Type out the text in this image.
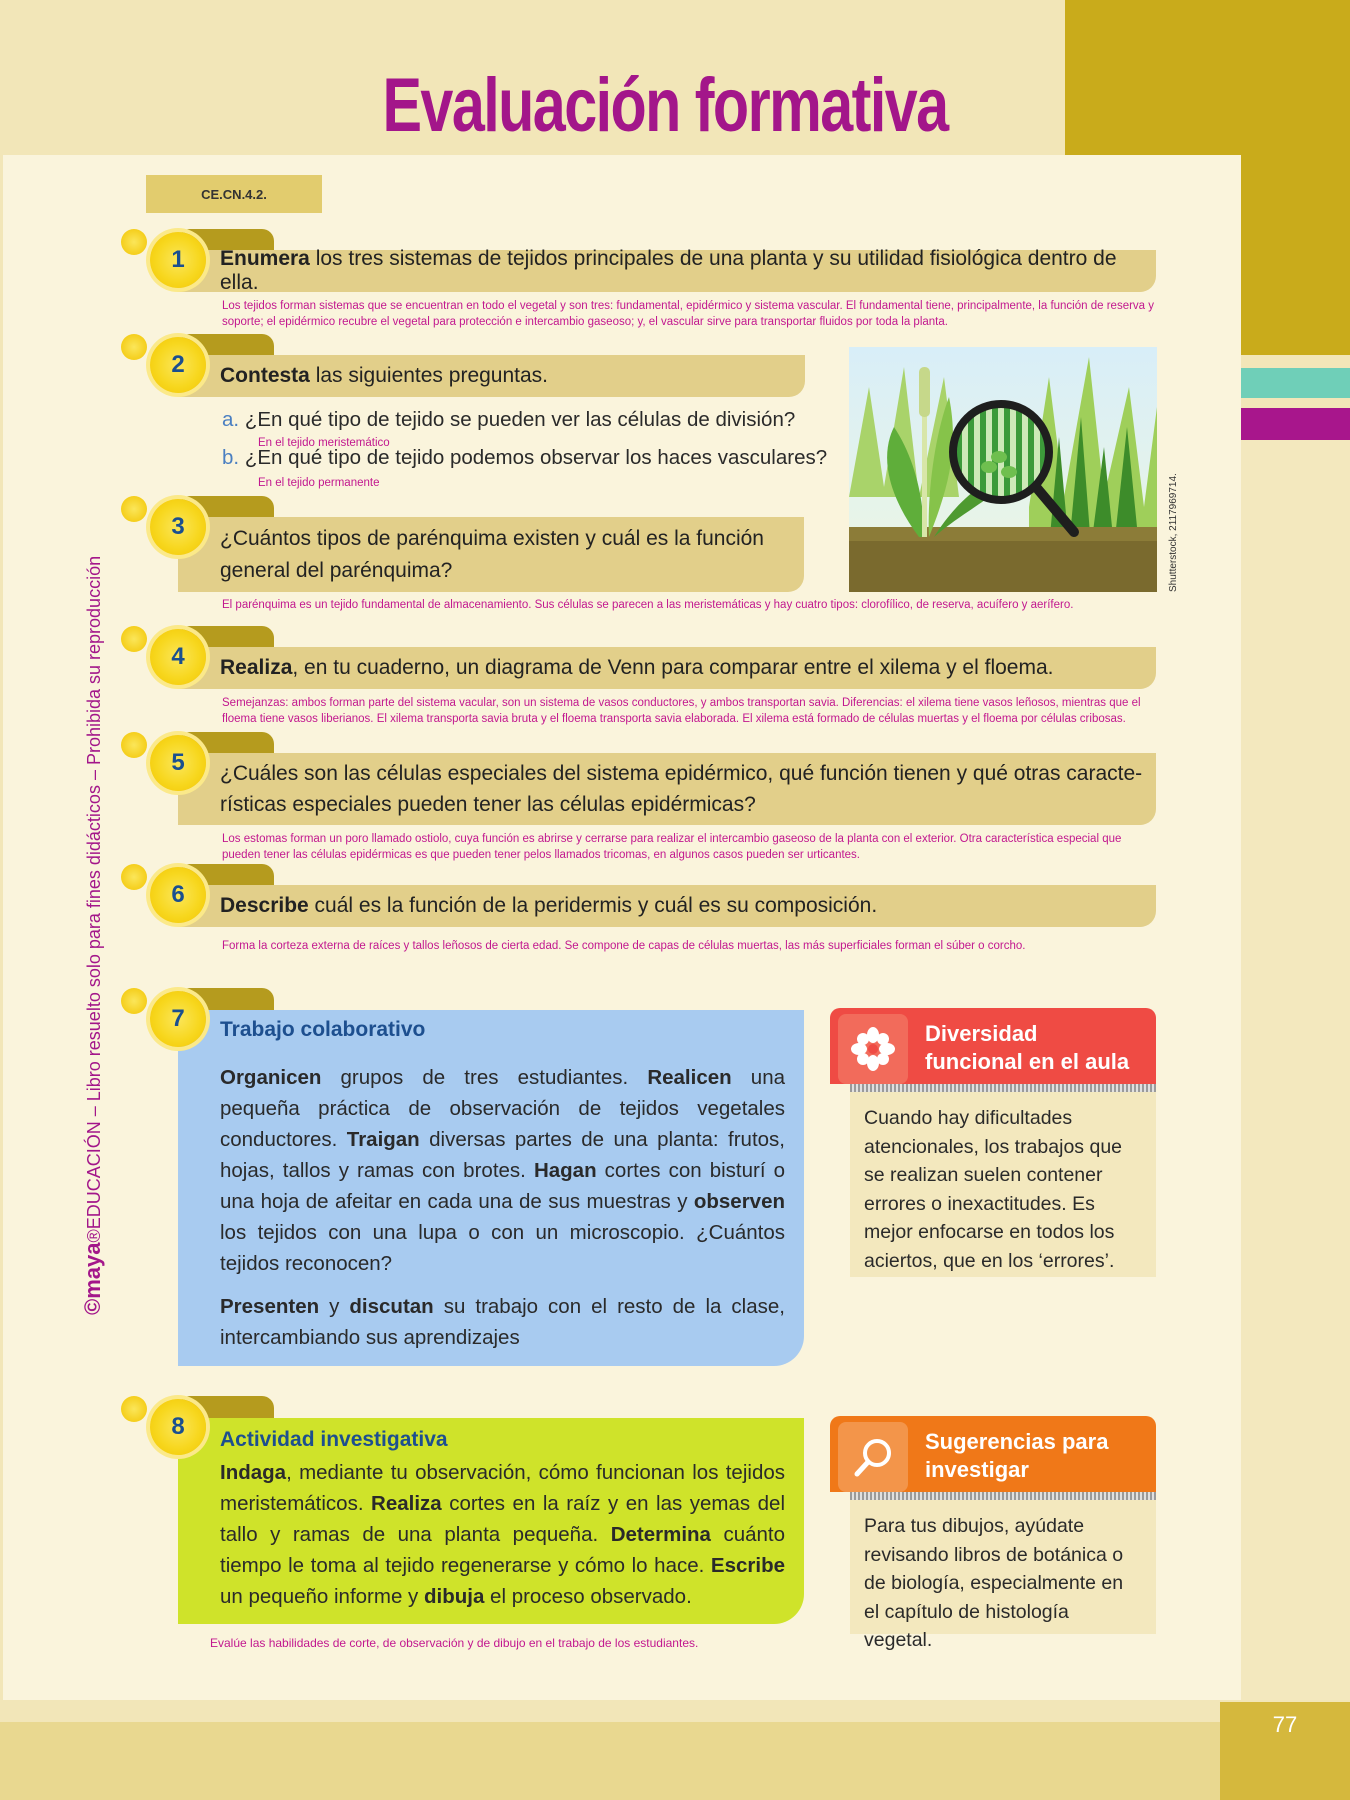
77
Evaluación formativa
CE.CN.4.2.
©maya®EDUCACIÓN – Libro resuelto solo para fines didácticos – Prohibida su reproducción
Enumera los tres sistemas de tejidos principales de una planta y su utilidad fisiológica dentro de ella.
1
Los tejidos forman sistemas que se encuentran en todo el vegetal y son tres: fundamental, epidérmico y sistema vascular. El fundamental tiene, principalmente, la función de reserva y soporte; el epidérmico recubre el vegetal para protección e intercambio gaseoso; y, el vascular sirve para transportar fluidos por toda la planta.
Contesta las siguientes preguntas.
2
a. ¿En qué tipo de tejido se pueden ver las células de división?
En el tejido meristemático
b. ¿En qué tipo de tejido podemos observar los haces vasculares?
En el tejido permanente	Shutterstock, 2117969714.
¿Cuántos tipos de parénquima existen y cuál es la función
general del parénquima?
3
El parénquima es un tejido fundamental de almacenamiento. Sus células se parecen a las meristemáticas y hay cuatro tipos: clorofílico, de reserva, acuífero y aerífero.
Realiza, en tu cuaderno, un diagrama de Venn para comparar entre el xilema y el floema.
4
Semejanzas: ambos forman parte del sistema vacular, son un sistema de vasos conductores, y ambos transportan savia. Diferencias: el xilema tiene vasos leñosos, mientras que el floema tiene vasos liberianos. El xilema transporta savia bruta y el floema transporta savia elaborada. El xilema está formado de células muertas y el floema por células cribosas.
¿Cuáles son las células especiales del sistema epidérmico, qué función tienen y qué otras caracte-
rísticas especiales pueden tener las células epidérmicas?
5
Los estomas forman un poro llamado ostiolo, cuya función es abrirse y cerrarse para realizar el intercambio gaseoso de la planta con el exterior. Otra característica especial que pueden tener las células epidérmicas es que pueden tener pelos llamados tricomas, en algunos casos pueden ser urticantes.
Describe cuál es la función de la peridermis y cuál es su composición.
6
Forma la corteza externa de raíces y tallos leñosos de cierta edad. Se compone de capas de células muertas, las más superficiales forman el súber o corcho.
7	Trabajo colaborativo

Organicen grupos de tres estudiantes. Realicen una pequeña práctica de observación de tejidos vegetales conductores. Traigan diversas partes de una planta: frutos, hojas, tallos y ramas con brotes. Hagan cortes con bisturí o una hoja de afeitar en cada una de sus muestras y observen los tejidos con una lupa o con un microscopio. ¿Cuántos tejidos reconocen?

Presenten y discutan su trabajo con el resto de la clase, intercambiando sus aprendizajes

8	Actividad investigativa

Indaga, mediante tu observación, cómo funcionan los tejidos meristemáticos. Realiza cortes en la raíz y en las yemas del tallo y ramas de una planta pequeña. Determina cuánto tiempo le toma al tejido regenerarse y cómo lo hace. Escribe un pequeño informe y dibuja el proceso observado.

Evalúe las habilidades de corte, de observación y de dibujo en el trabajo de los estudiantes.
Diversidad
funcional en el aula
Cuando hay dificultades atencionales, los trabajos que se realizan suelen contener errores o inexactitudes. Es mejor enfocarse en todos los aciertos, que en los ‘errores’.
Sugerencias para
investigar
Para tus dibujos, ayúdate revisando libros de botánica o de biología, especialmente en el capítulo de histología vegetal.
